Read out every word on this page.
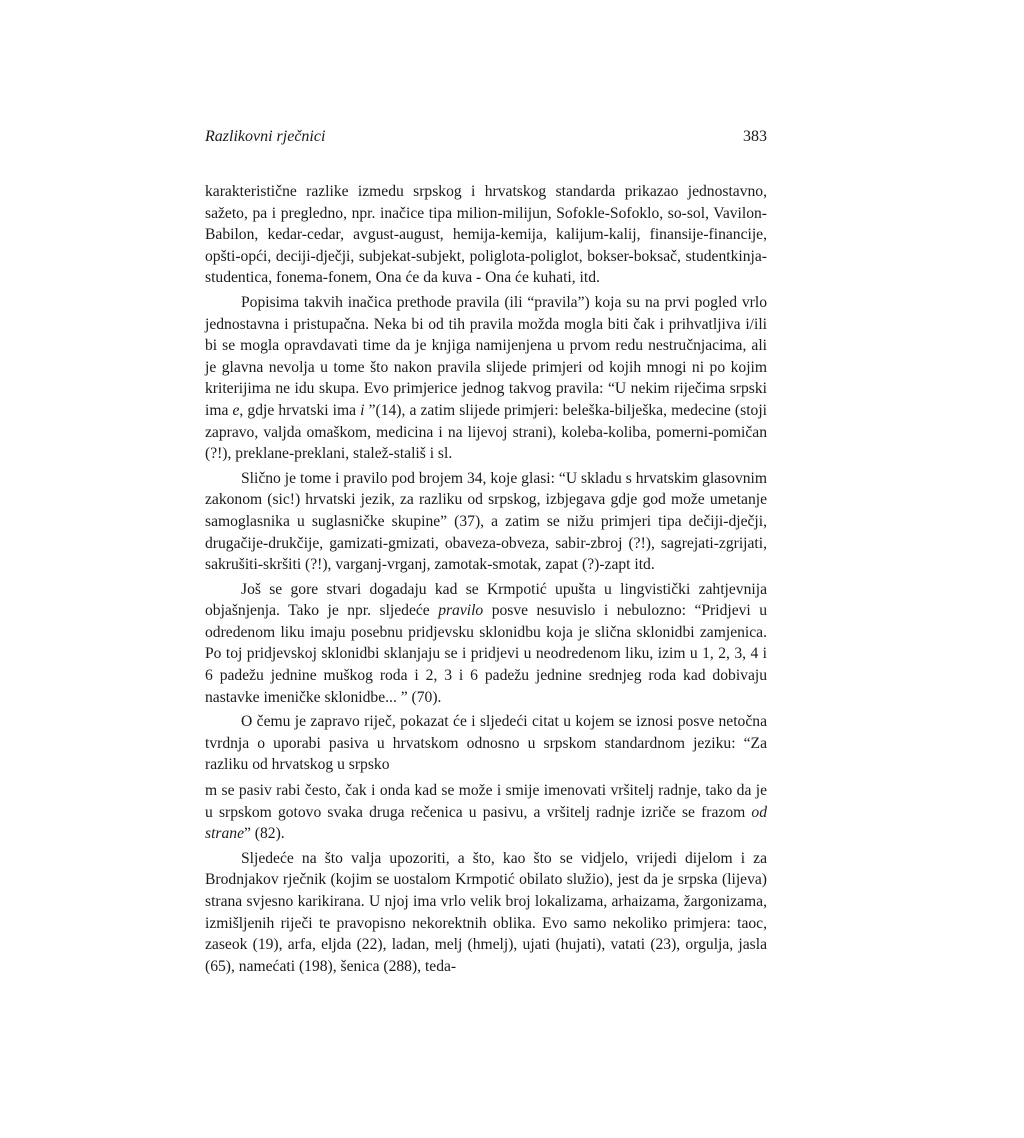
Razlikovni rječnici	383

karakteristične razlike izmedu srpskog i hrvatskog standarda prikazao jednostavno, sažeto, pa i pregledno, npr. inačice tipa milion-milijun, Sofokle-Sofoklo, so-sol, Vavilon-Babilon, kedar-cedar, avgust-august, hemija-kemija, kalijum-kalij, finansije-financije, opšti-opći, deciji-dječji, subjekat-subjekt, poliglota-poliglot, bokser-boksač, studentkinja-studentica, fonema-fonem, Ona će da kuva - Ona će kuhati, itd.

Popisima takvih inačica prethode pravila (ili “pravila”) koja su na prvi pogled vrlo jednostavna i pristupačna. Neka bi od tih pravila možda mogla biti čak i prihvatljiva i/ili bi se mogla opravdavati time da je knjiga namijenjena u prvom redu nestručnjacima, ali je glavna nevolja u tome što nakon pravila slijede primjeri od kojih mnogi ni po kojim kriterijima ne idu skupa. Evo primjerice jednog takvog pravila: “U nekim riječima srpski ima e, gdje hrvatski ima i ”(14), a zatim slijede primjeri: beleška-bilješka, medecine (stoji zapravo, valjda omaškom, medicina i na lijevoj strani), koleba-koliba, pomerni-pomičan (?!), preklane-preklani, stalež-stališ i sl.

Slično je tome i pravilo pod brojem 34, koje glasi: “U skladu s hrvatskim glasovnim zakonom (sic!) hrvatski jezik, za razliku od srpskog, izbjegava gdje god može umetanje samoglasnika u suglasničke skupine” (37), a zatim se nižu primjeri tipa dečiji-dječji, drugačije-drukčije, gamizati-gmizati, obaveza-obveza, sabir-zbroj (?!), sagrejati-zgrijati, sakrušiti-skršiti (?!), varganj-vrganj, zamotak-smotak, zapat (?)-zapt itd.

Još se gore stvari dogadaju kad se Krmpotić upušta u lingvistički zahtjevnija objašnjenja. Tako je npr. sljedeće pravilo posve nesuvislo i nebulozno: “Pridjevi u odredenom liku imaju posebnu pridjevsku sklonidbu koja je slična sklonidbi zamjenica. Po toj pridjevskoj sklonidbi sklanjaju se i pridjevi u neodredenom liku, izim u 1, 2, 3, 4 i 6 padežu jednine muškog roda i 2, 3 i 6 padežu jednine srednjeg roda kad dobivaju nastavke imeničke sklonidbe... ” (70).

O čemu je zapravo riječ, pokazat će i sljedeći citat u kojem se iznosi posve netočna tvrdnja o uporabi pasiva u hrvatskom odnosno u srpskom standardnom jeziku: “Za razliku od hrvatskog u srpsko

m se pasiv rabi često, čak i onda kad se može i smije imenovati vršitelj radnje, tako da je u srpskom gotovo svaka druga rečenica u pasivu, a vršitelj radnje izriče se frazom od strane” (82).

Sljedeće na što valja upozoriti, a što, kao što se vidjelo, vrijedi dijelom i za Brodnjakov rječnik (kojim se uostalom Krmpotić obilato služio), jest da je srpska (lijeva) strana svjesno karikirana. U njoj ima vrlo velik broj lokalizama, arhaizama, žargonizama, izmišljenih riječi te pravopisno nekorektnih oblika. Evo samo nekoliko primjera: taoc, zaseok (19), arfa, eljda (22), ladan, melj (hmelj), ujati (hujati), vatati (23), orgulja, jasla (65), namećati (198), šenica (288), teda-
